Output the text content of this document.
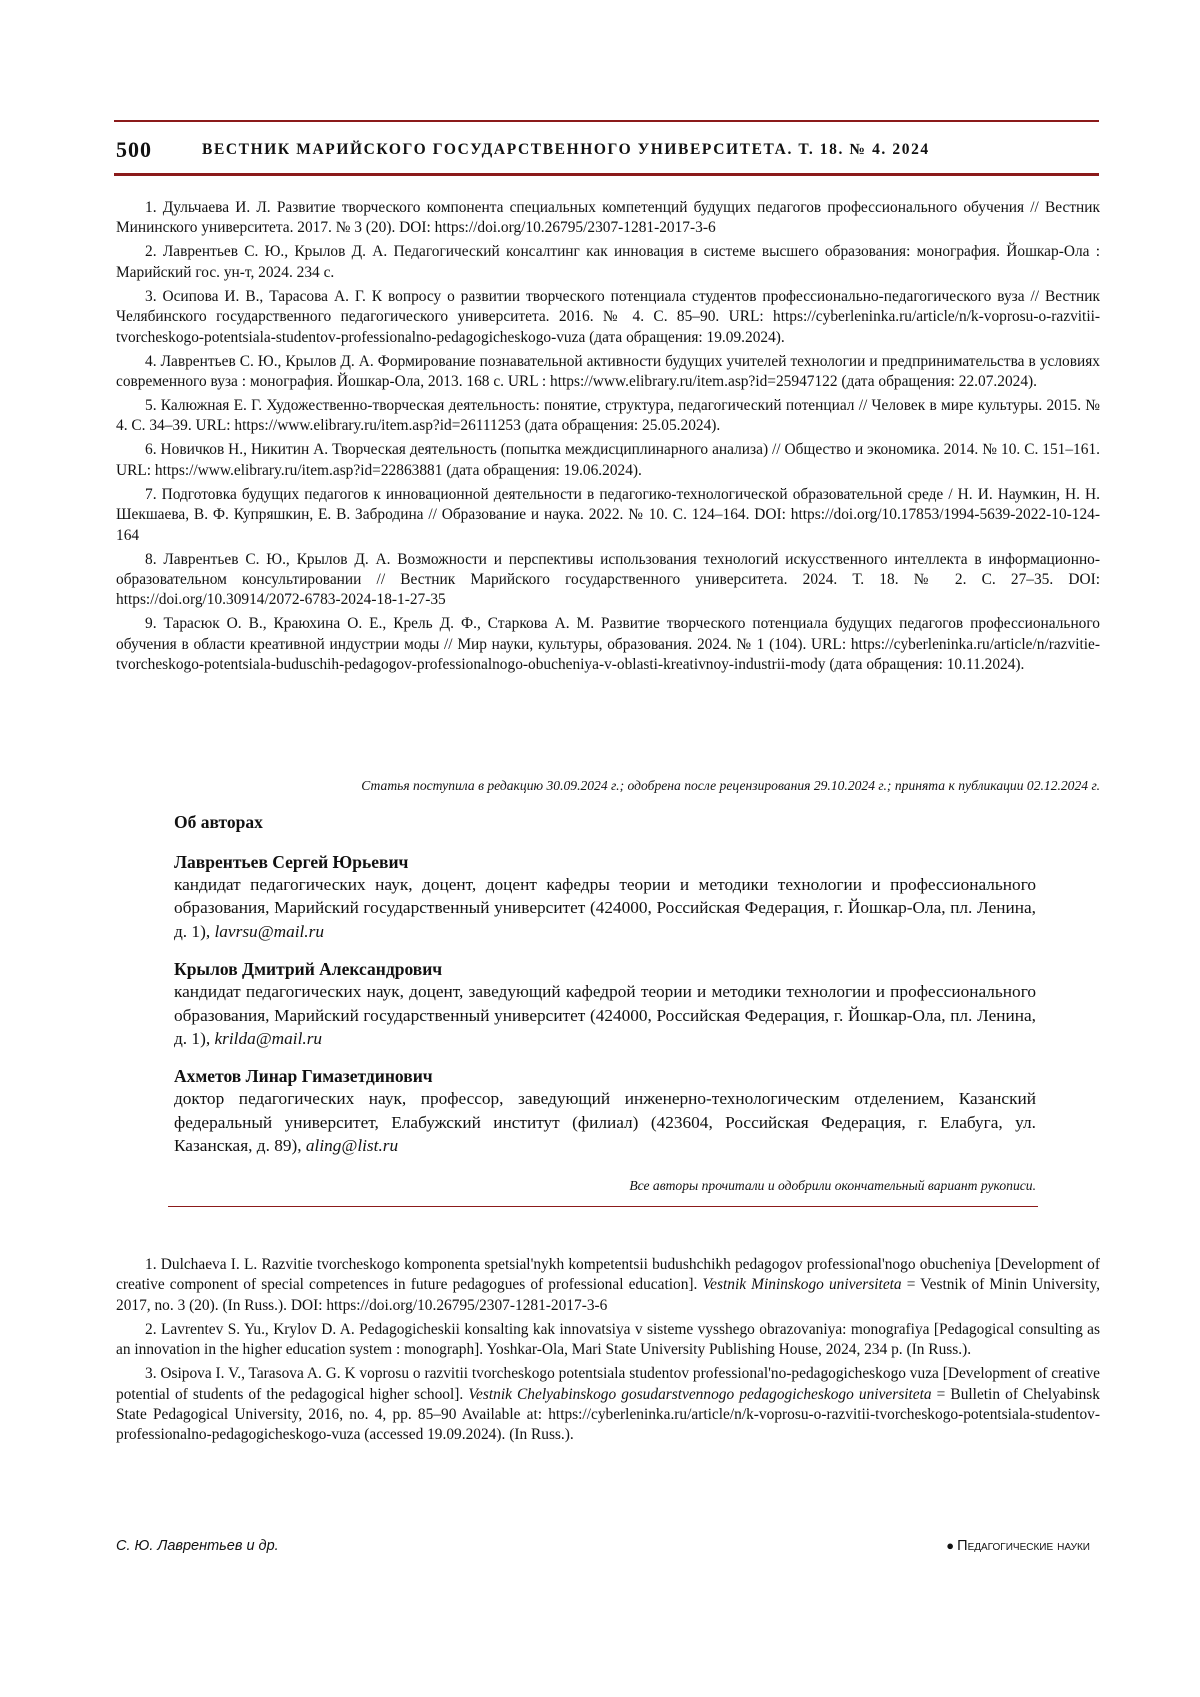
500	ВЕСТНИК МАРИЙСКОГО ГОСУДАРСТВЕННОГО УНИВЕРСИТЕТА. Т. 18. № 4. 2024

1. Дульчаева И. Л. Развитие творческого компонента специальных компетенций будущих педагогов профессионального обучения // Вестник Мининского университета. 2017. № 3 (20). DOI: https://doi.org/10.26795/2307-1281-2017-3-6

2. Лаврентьев С. Ю., Крылов Д. А. Педагогический консалтинг как инновация в системе высшего образования: монография. Йошкар-Ола : Марийский гос. ун-т, 2024. 234 с.

3. Осипова И. В., Тарасова А. Г. К вопросу о развитии творческого потенциала студентов профессионально-педагогического вуза // Вестник Челябинского государственного педагогического университета. 2016. № 4. С. 85–90. URL: https://cyberleninka.ru/article/n/k-voprosu-o-razvitii-tvorcheskogo-potentsiala-studentov-professionalno-pedagogicheskogo-vuza (дата обращения: 19.09.2024).

4. Лаврентьев С. Ю., Крылов Д. А. Формирование познавательной активности будущих учителей технологии и предпринимательства в условиях современного вуза : монография. Йошкар-Ола, 2013. 168 с. URL : https://www.elibrary.ru/item.asp?id=25947122 (дата обращения: 22.07.2024).

5. Калюжная Е. Г. Художественно-творческая деятельность: понятие, структура, педагогический потенциал // Человек в мире культуры. 2015. № 4. С. 34–39. URL: https://www.elibrary.ru/item.asp?id=26111253 (дата обращения: 25.05.2024).

6. Новичков Н., Никитин А. Творческая деятельность (попытка междисциплинарного анализа) // Общество и экономика. 2014. № 10. С. 151–161. URL: https://www.elibrary.ru/item.asp?id=22863881 (дата обращения: 19.06.2024).

7. Подготовка будущих педагогов к инновационной деятельности в педагогико-технологической образовательной среде / Н. И. Наумкин, Н. Н. Шекшаева, В. Ф. Купряшкин, Е. В. Забродина // Образование и наука. 2022. № 10. С. 124–164. DOI: https://doi.org/10.17853/1994-5639-2022-10-124-164

8. Лаврентьев С. Ю., Крылов Д. А. Возможности и перспективы использования технологий искусственного интеллекта в информационно-образовательном консультировании // Вестник Марийского государственного университета. 2024. Т. 18. № 2. С. 27–35. DOI: https://doi.org/10.30914/2072-6783-2024-18-1-27-35

9. Тарасюк О. В., Краюхина О. Е., Крель Д. Ф., Старкова А. М. Развитие творческого потенциала будущих педагогов профессионального обучения в области креативной индустрии моды // Мир науки, культуры, образования. 2024. № 1 (104). URL: https://cyberleninka.ru/article/n/razvitie-tvorcheskogo-potentsiala-buduschih-pedagogov-professionalnogo-obucheniya-v-oblasti-kreativnoy-industrii-mody (дата обращения: 10.11.2024).

Статья поступила в редакцию 30.09.2024 г.; одобрена после рецензирования 29.10.2024 г.; принята к публикации 02.12.2024 г.
Об авторах
Лаврентьев Сергей Юрьевич
кандидат педагогических наук, доцент, доцент кафедры теории и методики технологии и профессионального образования, Марийский государственный университет (424000, Российская Федерация, г. Йошкар-Ола, пл. Ленина, д. 1), lavrsu@mail.ru
Крылов Дмитрий Александрович
кандидат педагогических наук, доцент, заведующий кафедрой теории и методики технологии и профессионального образования, Марийский государственный университет (424000, Российская Федерация, г. Йошкар-Ола, пл. Ленина, д. 1), krilda@mail.ru
Ахметов Линар Гимазетдинович
доктор педагогических наук, профессор, заведующий инженерно-технологическим отделением, Казанский федеральный университет, Елабужский институт (филиал) (423604, Российская Федерация, г. Елабуга, ул. Казанская, д. 89), aling@list.ru
Все авторы прочитали и одобрили окончательный вариант рукописи.

1. Dulchaeva I. L. Razvitie tvorcheskogo komponenta spetsial'nykh kompetentsii budushchikh pedagogov professional'nogo obucheniya [Development of creative component of special competences in future pedagogues of professional education]. Vestnik Mininskogo universiteta = Vestnik of Minin University, 2017, no. 3 (20). (In Russ.). DOI: https://doi.org/10.26795/2307-1281-2017-3-6

2. Lavrentev S. Yu., Krylov D. A. Pedagogicheskii konsalting kak innovatsiya v sisteme vysshego obrazovaniya: monografiya [Pedagogical consulting as an innovation in the higher education system : monograph]. Yoshkar-Ola, Mari State University Publishing House, 2024, 234 p. (In Russ.).

3. Osipova I. V., Tarasova A. G. K voprosu o razvitii tvorcheskogo potentsiala studentov professional'no-pedagogicheskogo vuza [Development of creative potential of students of the pedagogical higher school]. Vestnik Chelyabinskogo gosudarstvennogo pedagogicheskogo universiteta = Bulletin of Chelyabinsk State Pedagogical University, 2016, no. 4, pp. 85–90 Available at: https://cyberleninka.ru/article/n/k-voprosu-o-razvitii-tvorcheskogo-potentsiala-studentov-professionalno-pedagogicheskogo-vuza (accessed 19.09.2024). (In Russ.).

С. Ю. Лаврентьев и др.	● Педагогические науки
